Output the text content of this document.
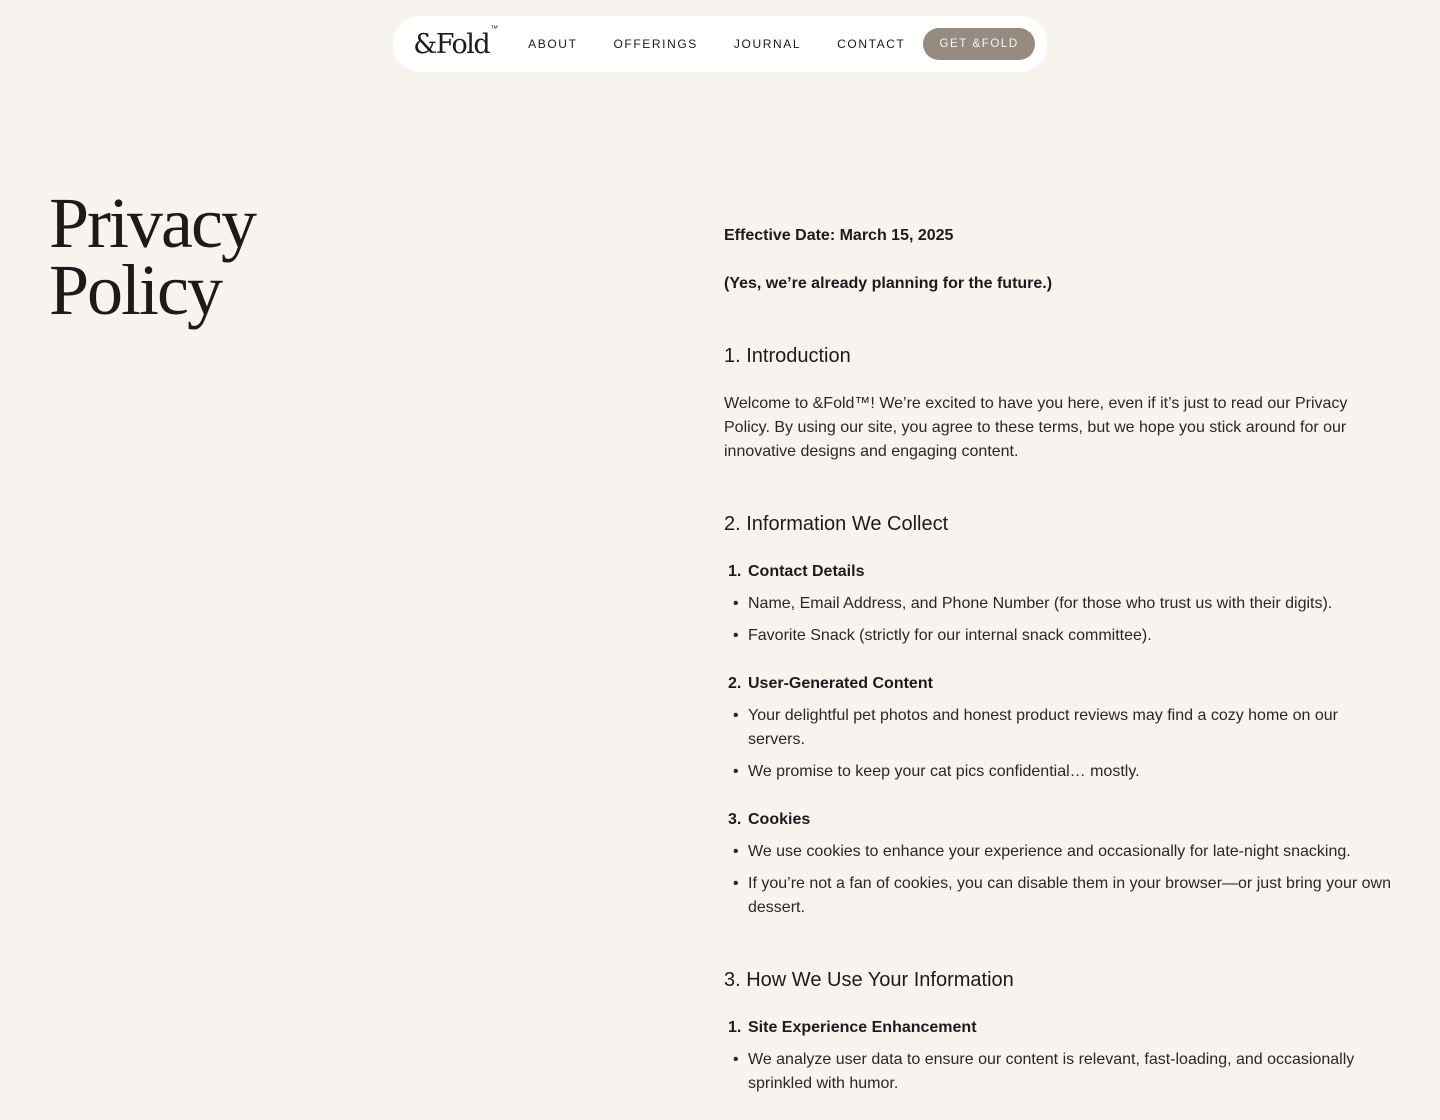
&Fold™
ABOUT	OFFERINGS	JOURNAL	CONTACT	GET &FOLD
Privacy
Policy

Effective Date: March 15, 2025

(Yes, we’re already planning for the future.)

1. Introduction

Welcome to &Fold™! We’re excited to have you here, even if it’s just to read our Privacy Policy. By using our site, you agree to these terms, but we hope you stick around for our innovative designs and engaging content.

2. Information We Collect
1. Contact Details
• Name, Email Address, and Phone Number (for those who trust us with their digits).
• Favorite Snack (strictly for our internal snack committee).
2. User-Generated Content
• Your delightful pet photos and honest product reviews may find a cozy home on our servers.
• We promise to keep your cat pics confidential… mostly.
3. Cookies
• We use cookies to enhance your experience and occasionally for late-night snacking.
• If you’re not a fan of cookies, you can disable them in your browser—or just bring your own dessert.
3. How We Use Your Information
1. Site Experience Enhancement
• We analyze user data to ensure our content is relevant, fast-loading, and occasionally sprinkled with humor.
